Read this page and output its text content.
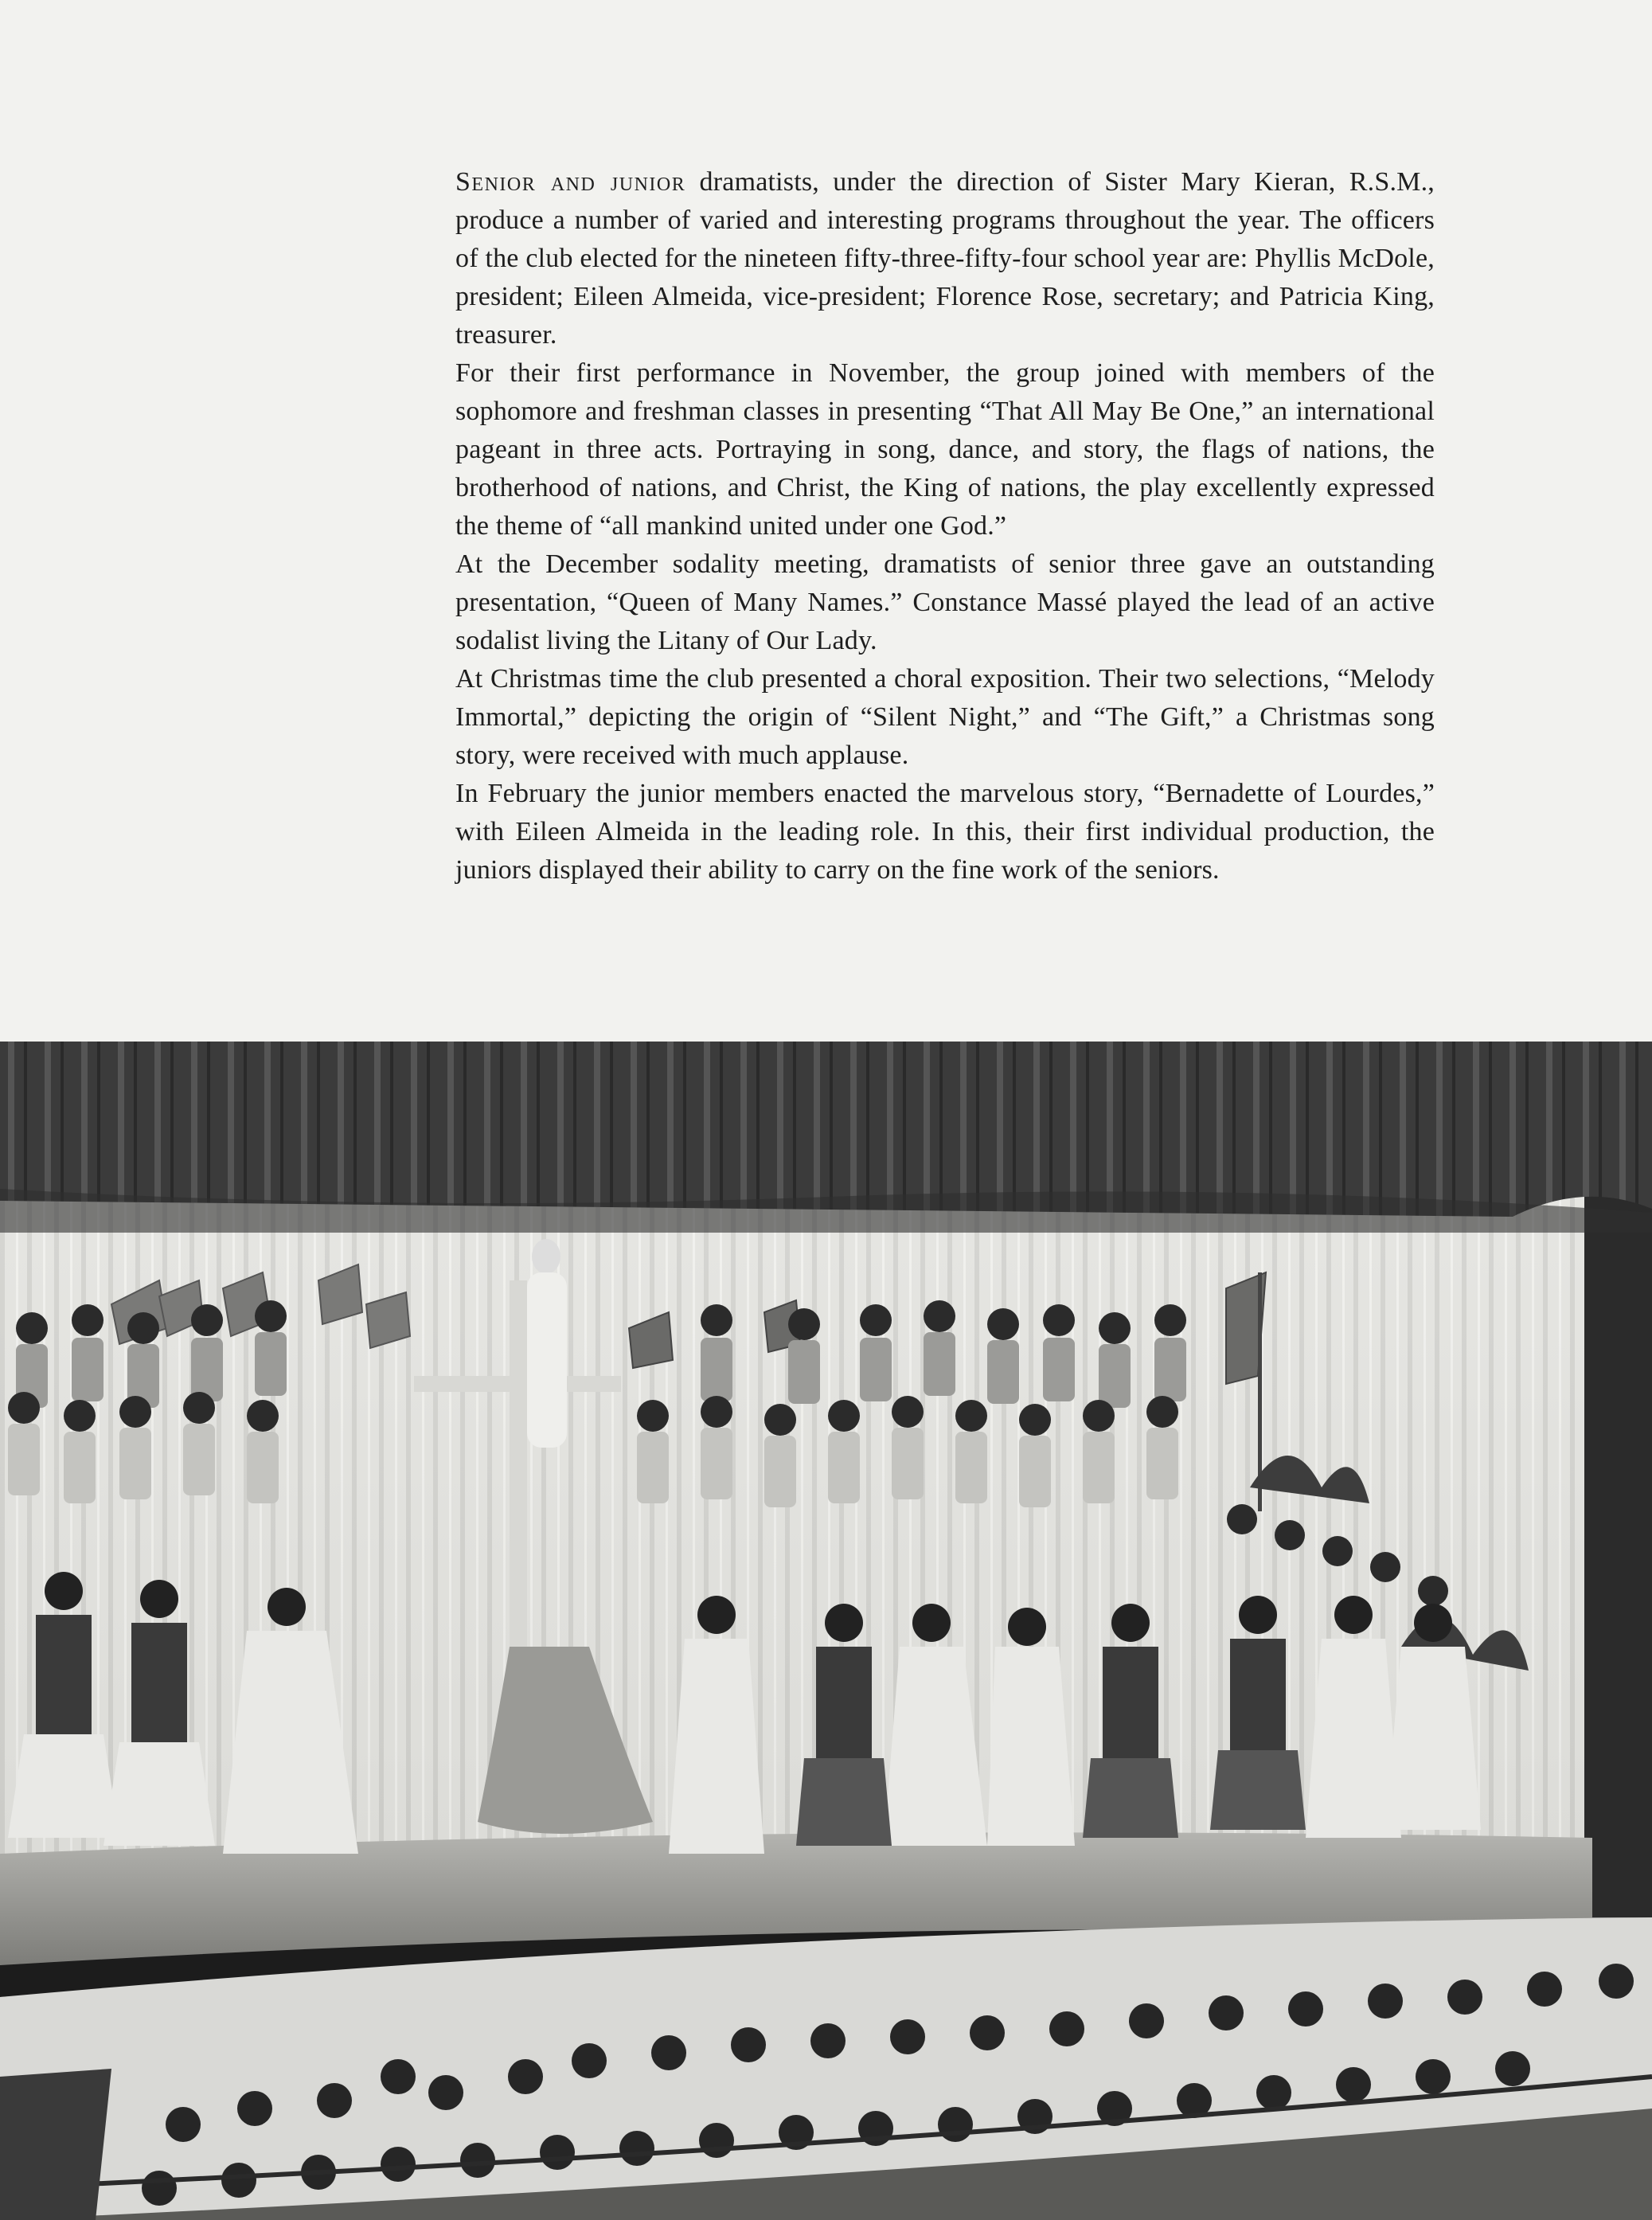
Senior and junior dramatists, under the direction of Sister Mary Kieran, R.S.M., produce a number of varied and interesting programs throughout the year. The officers of the club elected for the nineteen fifty-three-fifty-four school year are: Phyllis McDole, president; Eileen Almeida, vice-president; Florence Rose, secretary; and Patricia King, treasurer.

For their first performance in November, the group joined with members of the sophomore and freshman classes in presenting “That All May Be One,” an international pageant in three acts. Portraying in song, dance, and story, the flags of nations, the brotherhood of nations, and Christ, the King of nations, the play excellently expressed the theme of “all mankind united under one God.”

At the December sodality meeting, dramatists of senior three gave an outstanding presentation, “Queen of Many Names.” Constance Massé played the lead of an active sodalist living the Litany of Our Lady.

At Christmas time the club presented a choral exposition. Their two selections, “Melody Immortal,” depicting the origin of “Silent Night,” and “The Gift,” a Christmas song story, were received with much applause.

In February the junior members enacted the marvelous story, “Bernadette of Lourdes,” with Eileen Almeida in the leading role. In this, their first individual production, the juniors displayed their ability to carry on the fine work of the seniors.
